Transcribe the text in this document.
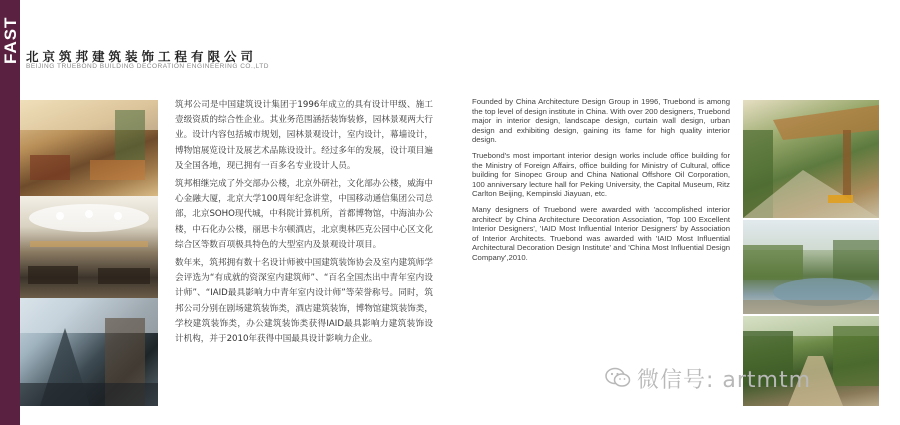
FAST 北京筑邦建筑装饰工程有限公司
BEIJING TRUEBOND BUILDING DECORATION ENGINEERING CO.,LTD

筑邦公司是中国建筑设计集团于1996年成立的具有设计甲级、施工壹级资质的综合性企业。其业务范围涵括装饰装修，园林景观两大行业。设计内容包括城市规划，园林景观设计，室内设计，幕墙设计，博物馆展览设计及展艺术品陈设设计。经过多年的发展，设计项目遍及全国各地，现已拥有一百多名专业设计人员。

筑邦相继完成了外交部办公楼，北京外研社，文化部办公楼，威海中心金融大厦，北京大学100周年纪念讲堂，中国移动通信集团公司总部，北京SOHO现代城，中科院计算机所，首都博物馆，中海油办公楼，中石化办公楼，丽思卡尔顿酒店，北京奥林匹克公园中心区文化综合区等数百项极具特色的大型室内及景观设计项目。

数年来，筑邦拥有数十名设计师被中国建筑装饰协会及室内建筑师学会评选为“有成就的资深室内建筑师”、“百名全国杰出中青年室内设计师”、“IAID最具影响力中青年室内设计师”等荣誉称号。同时，筑邦公司分别在剧场建筑装饰类，酒店建筑装饰，博物馆建筑装饰类，学校建筑装饰类，办公建筑装饰类获得IAID最具影响力建筑装饰设计机构，并于2010年获得中国最具设计影响力企业。

Founded by China Architecture Design Group in 1996, Truebond is among the top level of design institute in China. With over 200 designers, Truebond major in interior design, landscape design, curtain wall design, urban design and exhibiting design, gaining its fame for high quality interior design.

Truebond's most important interior design works include office building for the Ministry of Foreign Affairs, office building for Ministry of Cultural, office building for Sinopec Group and China National Offshore Oil Corporation, 100 anniversary lecture hall for Peking University, the Capital Museum, Ritz Carlton Beijing, Kempinski Jiayuan, etc.

Many designers of Truebond were awarded with 'accomplished interior architect' by China Architecture Decoration Association, 'Top 100 Excellent Interior Designers', 'IAID Most Influential Interior Designers' by Association of Interior Architects. Truebond was awarded with 'IAID Most Influential Architectural Decoration Design Institute' and 'China Most Influential Design Company',2010.

微信号: artmtm
